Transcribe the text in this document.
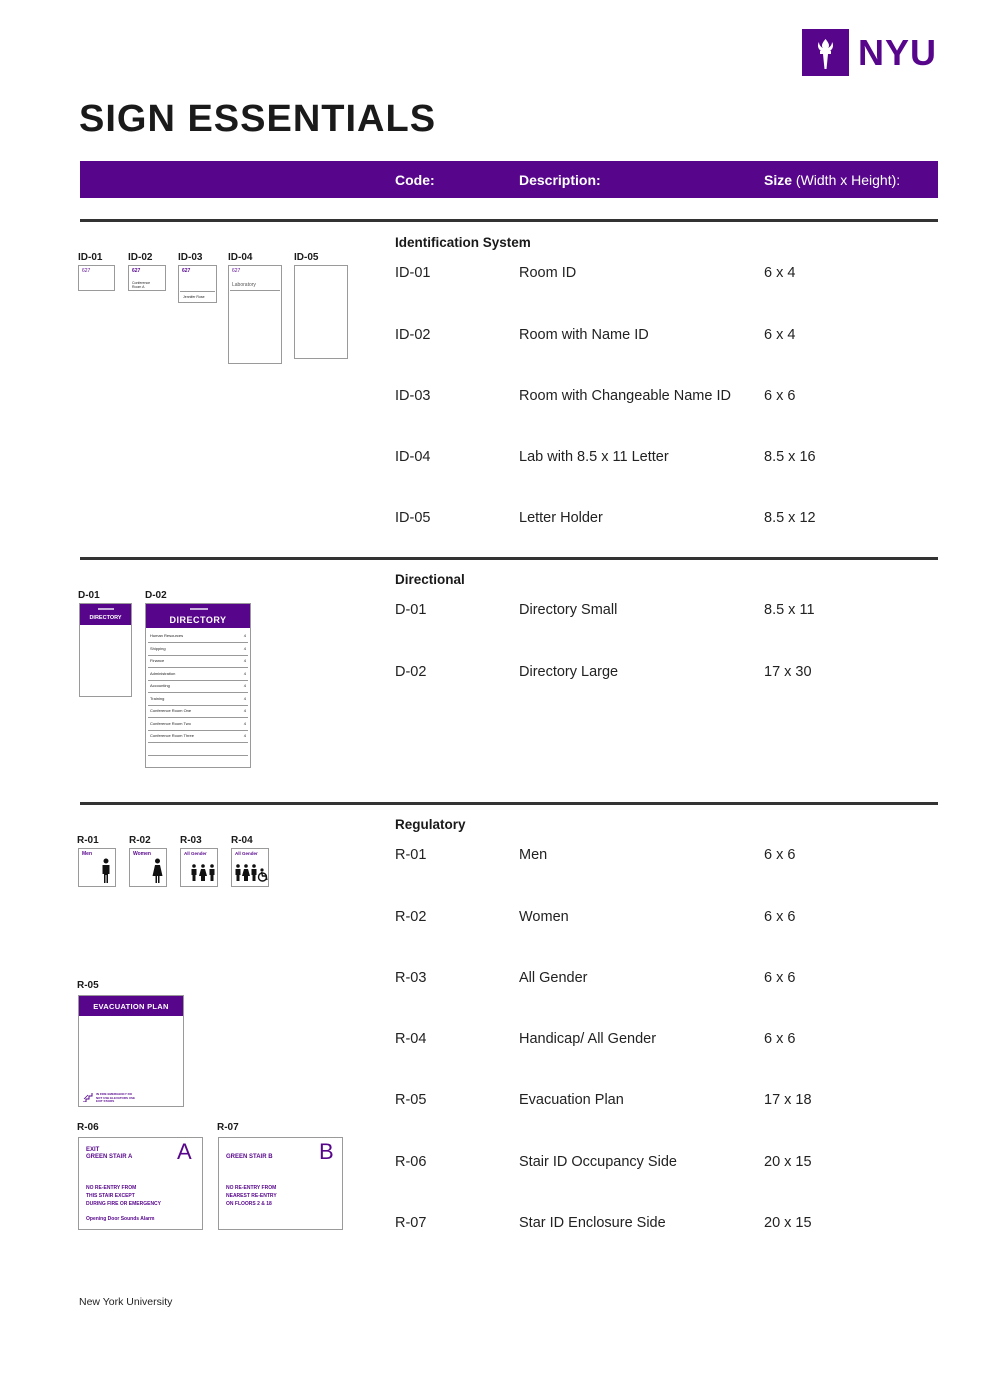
NYU
SIGN ESSENTIALS
Code:	Description:	Size (Width x Height):
Identification System
ID-01	Room ID	6 x 4
ID-02	Room with Name ID	6 x 4
ID-03	Room with Changeable Name ID 6 x 6
ID-04	Lab with 8.5 x 11 Letter	8.5 x 16
ID-05	Letter Holder	8.5 x 12
ID-01	ID-02	ID-03	ID-04	ID-05
627	627
Conference Room A
627
Jennifer Rose
627
Laboratory
Directional
D-01	Directory Small	8.5 x 11
D-02	Directory Large	17 x 30
D-01	D-02
DIRECTORY	DIRECTORY
Human Resources	4
Shipping	4
Finance	4
Administration	4
Accounting	4
Training	4
Conference Room One	4
Conference Room Two	4
Conference Room Three	4
Regulatory
R-01	Men	6 x 6
R-02	Women	6 x 6
R-03	All Gender	6 x 6
R-04	Handicap/ All Gender	6 x 6
R-05	Evacuation Plan	17 x 18
R-06	Stair ID Occupancy Side	20 x 15
R-07	Star ID Enclosure Side	20 x 15
R-01	R-02	R-03	R-04
Men	Women	All Gender	All Gender
R-05
EVACUATION PLAN
IN FIRE EMERGENCY DO NOT USE ELEVATORS USE EXIT STAIRS
R-06	R-07
EXIT
GREEN STAIR A A
NO RE-ENTRY FROM
THIS STAIR EXCEPT
DURING FIRE OR EMERGENCY
Opening Door Sounds Alarm
GREEN STAIR B B
NO RE-ENTRY FROM
NEAREST RE-ENTRY
ON FLOORS 2 & 18
New York University
